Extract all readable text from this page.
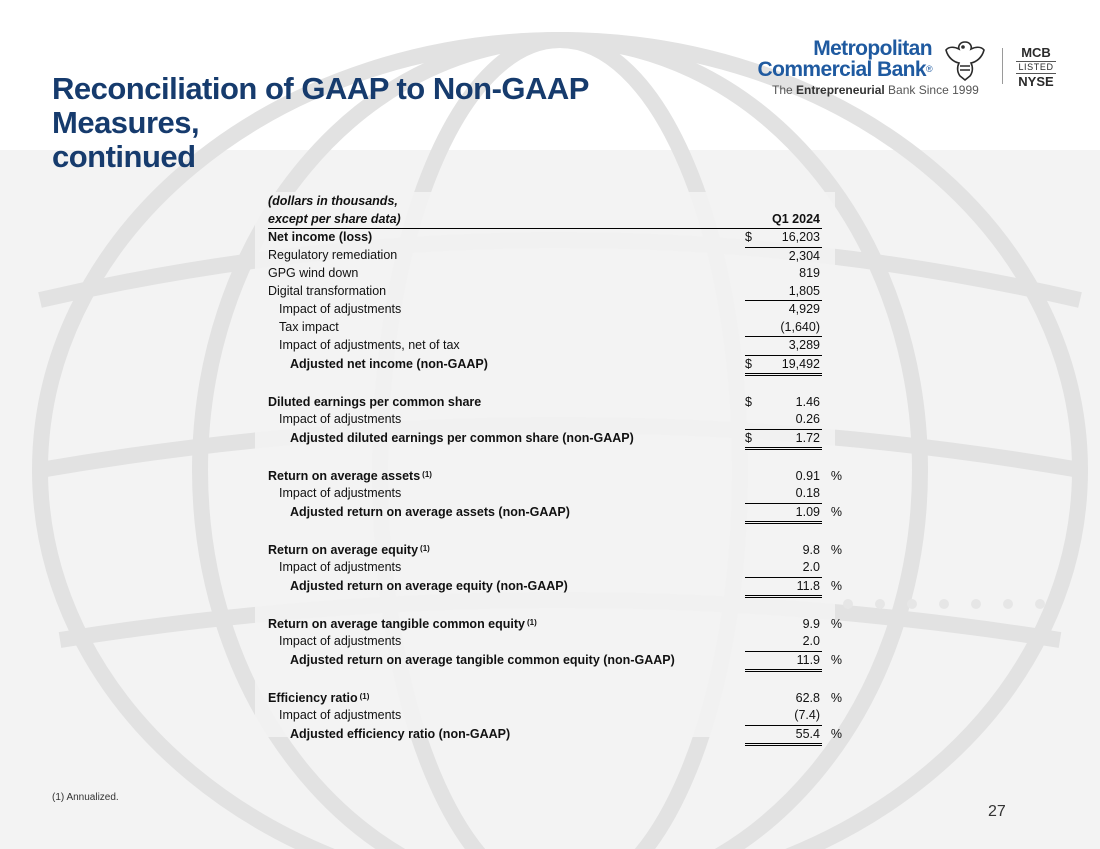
Reconciliation of GAAP to Non-GAAP Measures,
continued
Metropolitan
Commercial Bank®
The Entrepreneurial Bank Since 1999
MCB
LISTED
NYSE
(dollars in thousands,			
except per share data)		Q1 2024	
Net income (loss)	$	16,203	
Regulatory remediation		2,304	
GPG wind down		819	
Digital transformation		1,805	
Impact of adjustments		4,929	
Tax impact		(1,640)	
Impact of adjustments, net of tax		3,289	
Adjusted net income (non-GAAP)	$	19,492	

Diluted earnings per common share	$	1.46	
Impact of adjustments		0.26	
Adjusted diluted earnings per common share (non-GAAP)	$	1.72	

Return on average assets $^{(1)}$		0.91	%
Impact of adjustments		0.18	
Adjusted return on average assets (non-GAAP)		1.09	%

Return on average equity $^{(1)}$		9.8	%
Impact of adjustments		2.0	
Adjusted return on average equity (non-GAAP)		11.8	%

Return on average tangible common equity $^{(1)}$		9.9	%
Impact of adjustments		2.0	
Adjusted return on average tangible common equity (non-GAAP)		11.9	%

Efficiency ratio $^{(1)}$		62.8	%
Impact of adjustments		(7.4)	
Adjusted efficiency ratio (non-GAAP)		55.4	%
(1) Annualized.
27
